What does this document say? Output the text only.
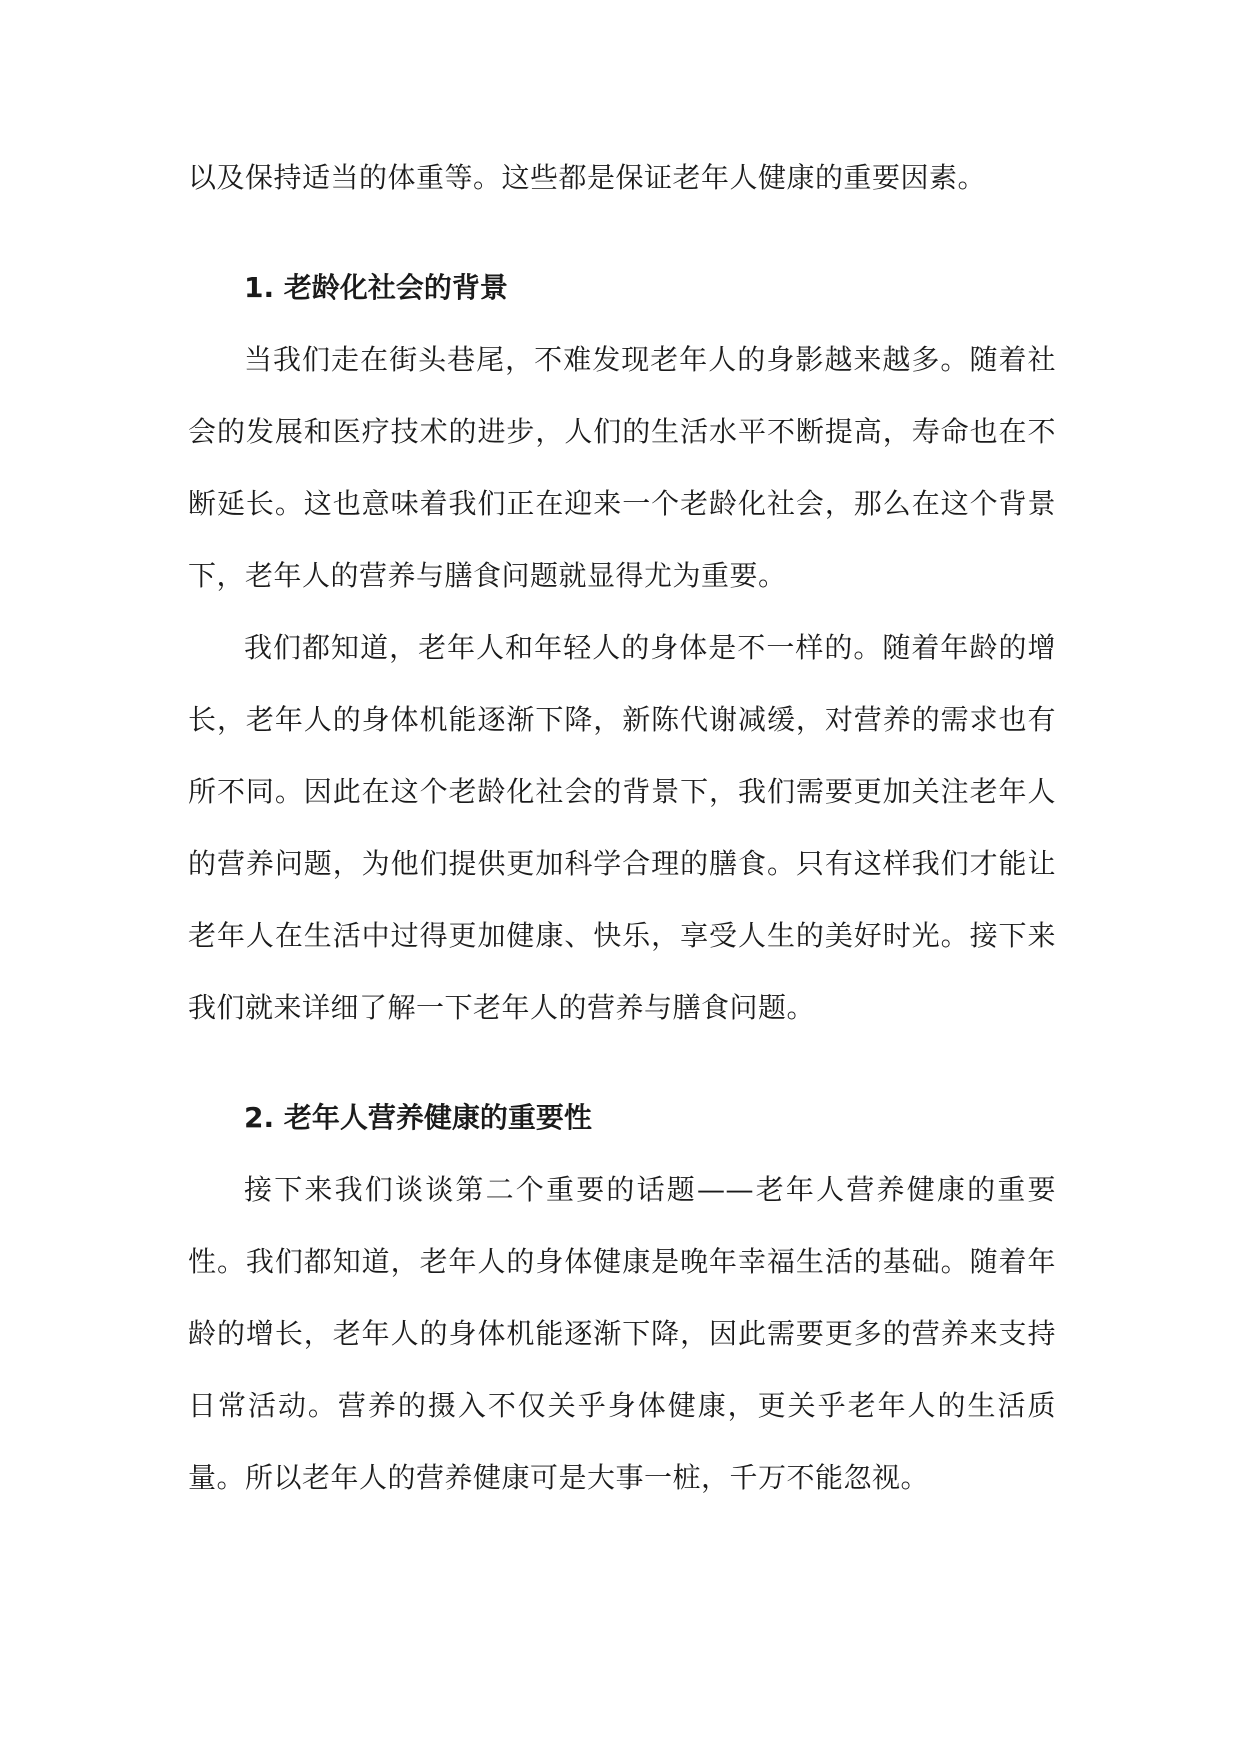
以及保持适当的体重等。这些都是保证老年人健康的重要因素。

1. 老龄化社会的背景

当我们走在街头巷尾，不难发现老年人的身影越来越多。随着社会的发展和医疗技术的进步，人们的生活水平不断提高，寿命也在不断延长。这也意味着我们正在迎来一个老龄化社会，那么在这个背景下，老年人的营养与膳食问题就显得尤为重要。

我们都知道，老年人和年轻人的身体是不一样的。随着年龄的增长，老年人的身体机能逐渐下降，新陈代谢减缓，对营养的需求也有所不同。因此在这个老龄化社会的背景下，我们需要更加关注老年人的营养问题，为他们提供更加科学合理的膳食。只有这样我们才能让老年人在生活中过得更加健康、快乐，享受人生的美好时光。接下来我们就来详细了解一下老年人的营养与膳食问题。

2. 老年人营养健康的重要性

接下来我们谈谈第二个重要的话题——老年人营养健康的重要性。我们都知道，老年人的身体健康是晚年幸福生活的基础。随着年龄的增长，老年人的身体机能逐渐下降，因此需要更多的营养来支持日常活动。营养的摄入不仅关乎身体健康，更关乎老年人的生活质量。所以老年人的营养健康可是大事一桩，千万不能忽视。
